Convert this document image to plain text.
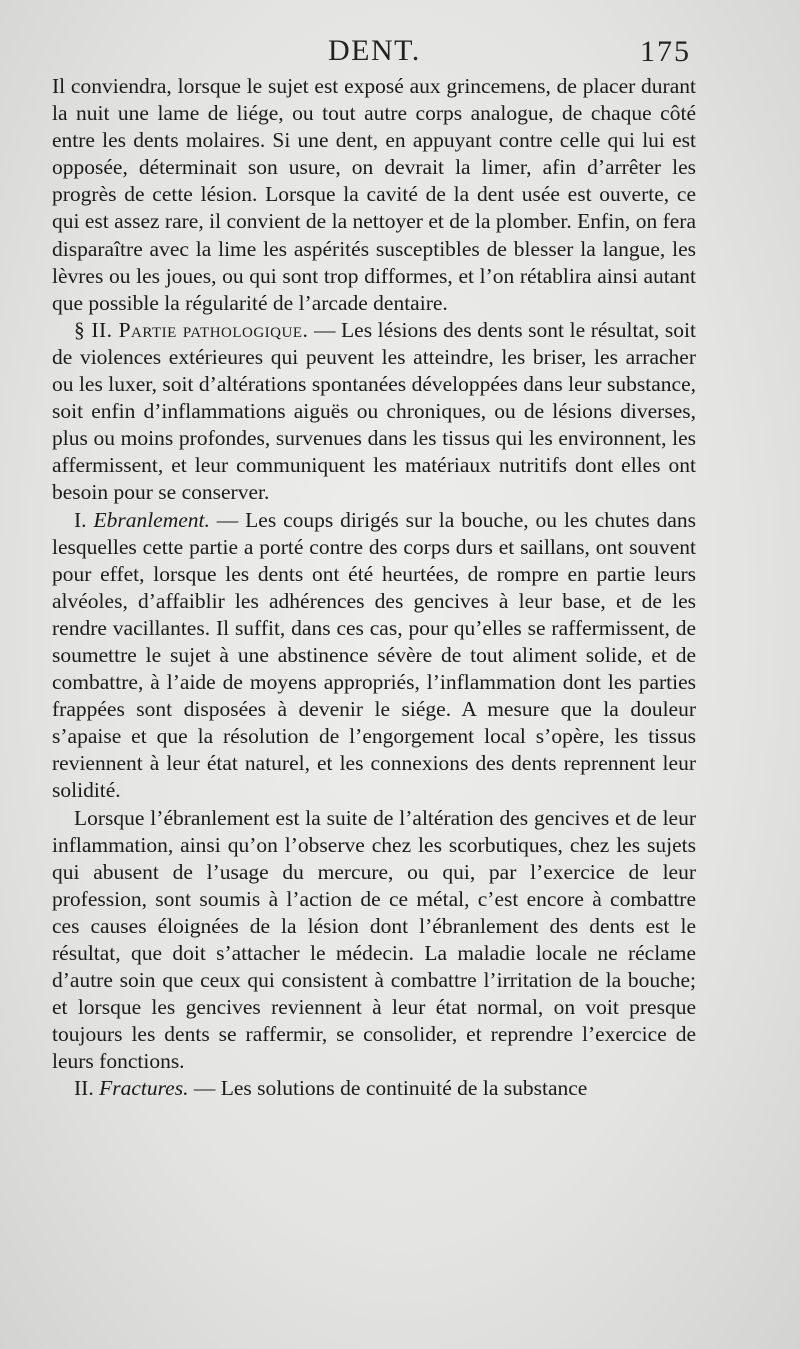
DENT.	175

Il conviendra, lorsque le sujet est exposé aux grincemens, de placer durant la nuit une lame de liége, ou tout autre corps analogue, de chaque côté entre les dents molaires. Si une dent, en appuyant contre celle qui lui est opposée, déterminait son usure, on devrait la limer, afin d’arrêter les progrès de cette lésion. Lorsque la cavité de la dent usée est ouverte, ce qui est assez rare, il convient de la nettoyer et de la plomber. Enfin, on fera disparaître avec la lime les aspérités susceptibles de blesser la langue, les lèvres ou les joues, ou qui sont trop difformes, et l’on rétablira ainsi autant que possible la régularité de l’arcade dentaire.

§ II. Partie pathologique. — Les lésions des dents sont le résultat, soit de violences extérieures qui peuvent les atteindre, les briser, les arracher ou les luxer, soit d’altérations spontanées développées dans leur substance, soit enfin d’inflammations aiguës ou chroniques, ou de lésions diverses, plus ou moins profondes, survenues dans les tissus qui les environnent, les affermissent, et leur communiquent les matériaux nutritifs dont elles ont besoin pour se conserver.

I. Ebranlement. — Les coups dirigés sur la bouche, ou les chutes dans lesquelles cette partie a porté contre des corps durs et saillans, ont souvent pour effet, lorsque les dents ont été heurtées, de rompre en partie leurs alvéoles, d’affaiblir les adhérences des gencives à leur base, et de les rendre vacillantes. Il suffit, dans ces cas, pour qu’elles se raffermissent, de soumettre le sujet à une abstinence sévère de tout aliment solide, et de combattre, à l’aide de moyens appropriés, l’inflammation dont les parties frappées sont disposées à devenir le siége. A mesure que la douleur s’apaise et que la résolution de l’engorgement local s’opère, les tissus reviennent à leur état naturel, et les connexions des dents reprennent leur solidité.

Lorsque l’ébranlement est la suite de l’altération des gencives et de leur inflammation, ainsi qu’on l’observe chez les scorbutiques, chez les sujets qui abusent de l’usage du mercure, ou qui, par l’exercice de leur profession, sont soumis à l’action de ce métal, c’est encore à combattre ces causes éloignées de la lésion dont l’ébranlement des dents est le résultat, que doit s’attacher le médecin. La maladie locale ne réclame d’autre soin que ceux qui consistent à combattre l’irritation de la bouche; et lorsque les gencives reviennent à leur état normal, on voit presque toujours les dents se raffermir, se consolider, et reprendre l’exercice de leurs fonctions.

II. Fractures. — Les solutions de continuité de la substance
